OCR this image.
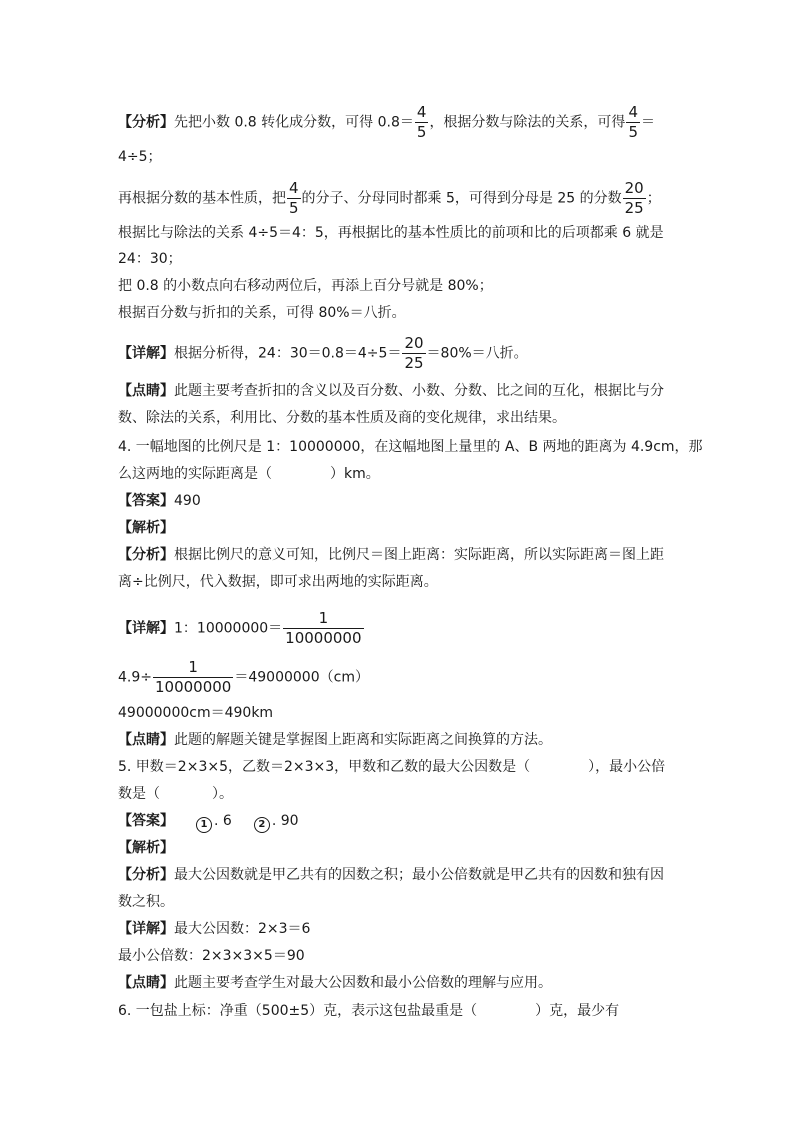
【分析】先把小数 0.8 转化成分数，可得 $0.8= \frac{4}{5}$ ，根据分数与除法的关系，可得 $\frac{4}{5}$ ＝
4÷5；
再根据分数的基本性质，把 $\frac{4}{5}$ 的分子、分母同时都乘 5，可得到分母是 25 的分数 $\frac{20}{25}$ ；
根据比与除法的关系 4÷5＝4：5，再根据比的基本性质比的前项和比的后项都乘 6 就是
24：30；
把 0.8 的小数点向右移动两位后，再添上百分号就是 80%；
根据百分数与折扣的关系，可得 80%＝八折。
【详解】根据分析得，24：$30=0.8=4\div 5= \frac{20}{25} =80\%=$八折。
【点睛】此题主要考查折扣的含义以及百分数、小数、分数、比之间的互化，根据比与分
数、除法的关系，利用比、分数的基本性质及商的变化规律，求出结果。
4. 一幅地图的比例尺是 1：10000000，在这幅地图上量里的 A、B 两地的距离为 4.9cm，那
么这两地的实际距离是（	）km。
【答案】490
【解析】
【分析】根据比例尺的意义可知，比例尺＝图上距离：实际距离，所以实际距离＝图上距
离÷比例尺，代入数据，即可求出两地的实际距离。
【详解】1：$10000000= \frac{1}{10000000}$
$4.9\div \frac{1}{10000000} =49000000(cm)$
49000000cm＝490km
【点睛】此题的解题关键是掌握图上距离和实际距离之间换算的方法。
5. 甲数＝2×3×5，乙数＝2×3×3，甲数和乙数的最大公因数是（	），最小公倍
数是（	）。
【答案】	1 . 6	2 . 90
【解析】
【分析】最大公因数就是甲乙共有的因数之积；最小公倍数就是甲乙共有的因数和独有因
数之积。
【详解】最大公因数：2×3＝6
最小公倍数：2×3×3×5＝90
【点睛】此题主要考查学生对最大公因数和最小公倍数的理解与应用。
6. 一包盐上标：净重（500±5）克，表示这包盐最重是（	）克，最少有
